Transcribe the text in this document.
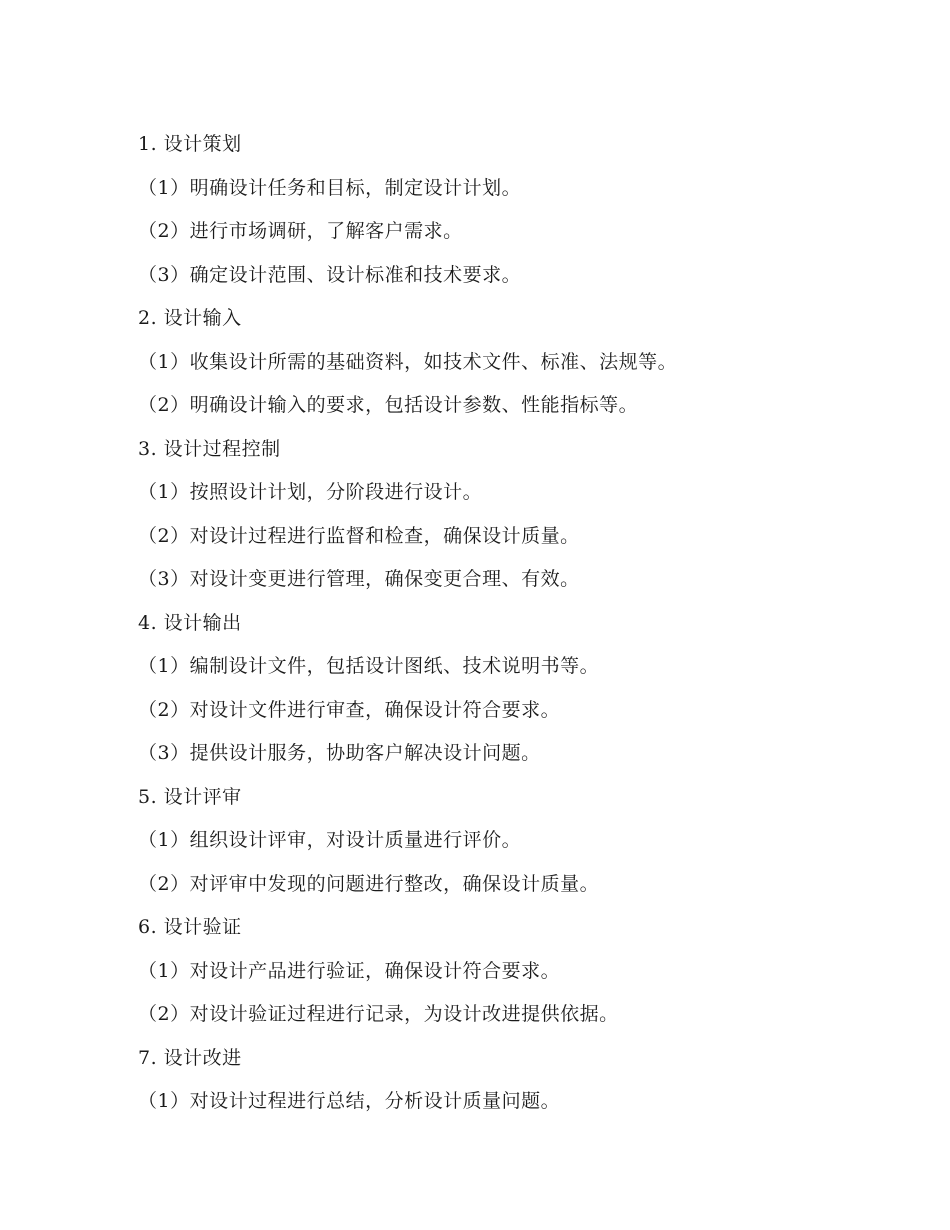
1. 设计策划
（1）明确设计任务和目标，制定设计计划。
（2）进行市场调研，了解客户需求。
（3）确定设计范围、设计标准和技术要求。
2. 设计输入
（1）收集设计所需的基础资料，如技术文件、标准、法规等。
（2）明确设计输入的要求，包括设计参数、性能指标等。
3. 设计过程控制
（1）按照设计计划，分阶段进行设计。
（2）对设计过程进行监督和检查，确保设计质量。
（3）对设计变更进行管理，确保变更合理、有效。
4. 设计输出
（1）编制设计文件，包括设计图纸、技术说明书等。
（2）对设计文件进行审查，确保设计符合要求。
（3）提供设计服务，协助客户解决设计问题。
5. 设计评审
（1）组织设计评审，对设计质量进行评价。
（2）对评审中发现的问题进行整改，确保设计质量。
6. 设计验证
（1）对设计产品进行验证，确保设计符合要求。
（2）对设计验证过程进行记录，为设计改进提供依据。
7. 设计改进
（1）对设计过程进行总结，分析设计质量问题。
